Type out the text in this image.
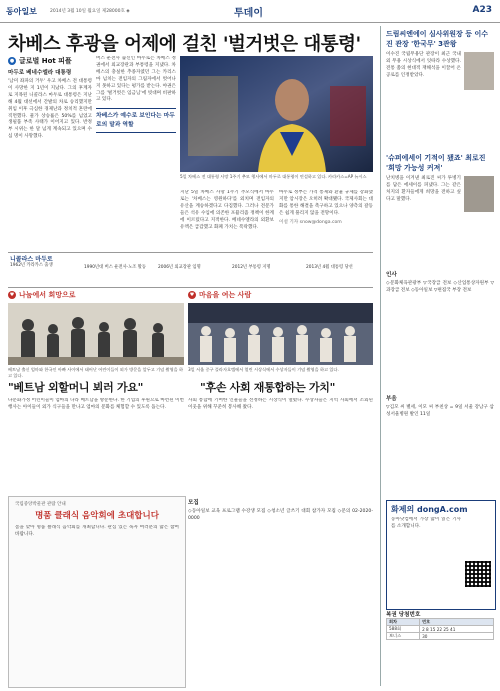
동아일보	2014년 3월 10일 월요일 제28000호 ◈	투데이	A23
차베스 후광을 어제에 걸친 '벌거벗은 대통령'
● 글로벌 Hot 피플
마두로 베네수엘라 대통령

'남미 좌파의 거두' 우고 차베스 전 대통령이 사망한 지 1년이 지났다. 그의 후계자로 지목된 니콜라스 마두로 대통령은 지난해 4월 대선에서 간발의 차로 승리했지만 취임 이후 극심한 경제난과 정치적 혼란에 직면했다. 물가 상승률은 50%를 넘었고 생필품 부족 사태가 이어지고 있다. 반정부 시위는 한 달 넘게 계속되고 있으며 수십 명이 사망했다.

버스 운전사 출신인 마두로는 차베스 정권에서 외교장관과 부통령을 지냈다. 차베스의 충실한 추종자였던 그는 카리스마 넘치는 전임자의 그림자에서 벗어나지 못하고 있다는 평가를 받는다. 야권은 그를 '벌거벗은 임금님'에 빗대며 비판하고 있다.

차베스가 예수로 보인다는 마두로의 말과 역할
5일 차베스 전 대통령 사망 1주기 추모 행사에서 마두로 대통령이 연설하고 있다. 카라카스=AP 뉴시스

지난 5일 차베스 사망 1주기 추모식에서 마두로는 '차베스는 영원하다'를 외치며 전임자의 유산을 계승하겠다고 다짐했다. 그러나 전문가들은 석유 수입에 의존한 포퓰리즘 정책이 한계에 이르렀다고 지적한다. 베네수엘라의 외환보유액은 급감했고 화폐 가치는 폭락했다.

마두로 정부는 가격 통제와 환율 규제를 강화했지만 암시장은 오히려 확대됐다. 국제사회는 대화를 통한 해결을 촉구하고 있으나 양측의 갈등은 쉽게 풀리지 않을 전망이다.

이설 기자 snow@donga.com
니콜라스 마두로
1962년 카라카스 출생	1990년대 버스 운전사·노조 활동	2006년 외교장관 임명	2012년 부통령 지명	2013년 4월 대통령 당선
♥ 마음을 여는 사람
♥ 나눔에서 희망으로
베트남 출신 엄마와 한국인 아빠 사이에서 태어난 어린이들이 외가 방문을 앞두고 기념 촬영을 하고 있다.
3일 서울 중구 플라자호텔에서 열린 시상식에서 수상자들이 기념 촬영을 하고 있다.
"베트남 외할머니 뵈러 가요"	"후손 사회 재통합하는 가치"

다문화가정 어린이들이 엄마의 나라 베트남을 방문한다. 한 기업의 후원으로 마련된 이번 행사는 아이들이 외가 식구들을 만나고 엄마의 문화를 체험할 수 있도록 돕는다.

사회 통합에 기여한 인물들을 선정하는 시상식이 열렸다. 수상자들은 지역 사회에서 소외된 이웃을 위해 꾸준히 봉사해 왔다.

국립중앙박물관 관람 안내
명품 클래식 음악회에 초대합니다

봄을 맞아 명품 클래식 음악회를 개최합니다. 관심 있는 독자 여러분의 많은 참여 바랍니다.

모집

◇동아일보 교육 프로그램 수강생 모집 ◇청소년 글쓰기 대회 참가자 모집 ◇문의 02-2020-0000

드림씨엔에이 심사위원장 등 이수진 관장 '한국무' 3관왕

이수진 국립무용단 관장이 최근 국내외 무용 시상식에서 잇따라 수상했다. 전통 춤의 현대적 재해석을 이끌어 온 공로를 인정받았다.

'슈퍼에세이 기적이 됐죠' 최로진 '희망 가능성 커져'

난치병을 이겨낸 최로진 씨가 투병기를 담은 에세이를 펴냈다. 그는 같은 처지의 환자들에게 희망을 전하고 싶다고 말했다.

인사

◇문화체육관광부 ▽국장급 전보 ◇산업통상자원부 ▽과장급 전보 ◇동아일보 ▽편집국 부장 전보

부음

▽김모 씨 별세, 이모 씨 부친상 = 9일 서울 강남구 삼성서울병원 발인 11일

화제의 dongA.com

동아닷컴에서 가장 많이 읽은 기사를 소개합니다.

복권 당첨번호
회차	번호
588회	2 8 15 22 25 41
보너스	30
